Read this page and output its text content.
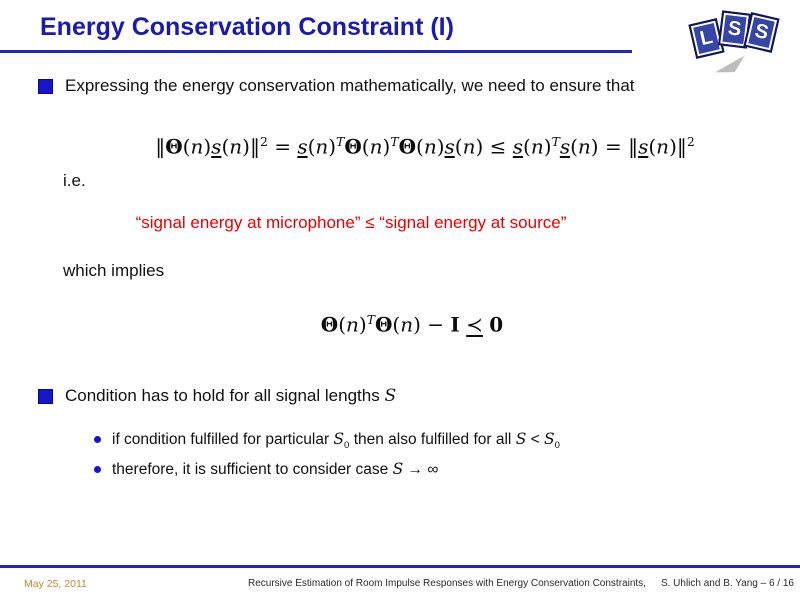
Energy Conservation Constraint (I)	L S S
Expressing the energy conservation mathematically, we need to ensure that
‖Θ(n)s(n)‖$^2$ = $s(n)^T\Theta(n)^T\Theta(n)s(n) \le s(n)^Ts(n)$ = ‖s(n)‖$^2$
i.e.
“signal energy at microphone” ≤ “signal energy at source”
which implies
$\Theta(n)^T\Theta(n) - I$ ≺ 0
Condition has to hold for all signal lengths S
if condition fulfilled for particular $S_0$ then also fulfilled for all $S < S_0$
therefore, it is sufficient to consider case S → ∞
May 25, 2011	Recursive Estimation of Room Impulse Responses with Energy Conservation Constraints, S. Uhlich and B. Yang – 6 / 16
